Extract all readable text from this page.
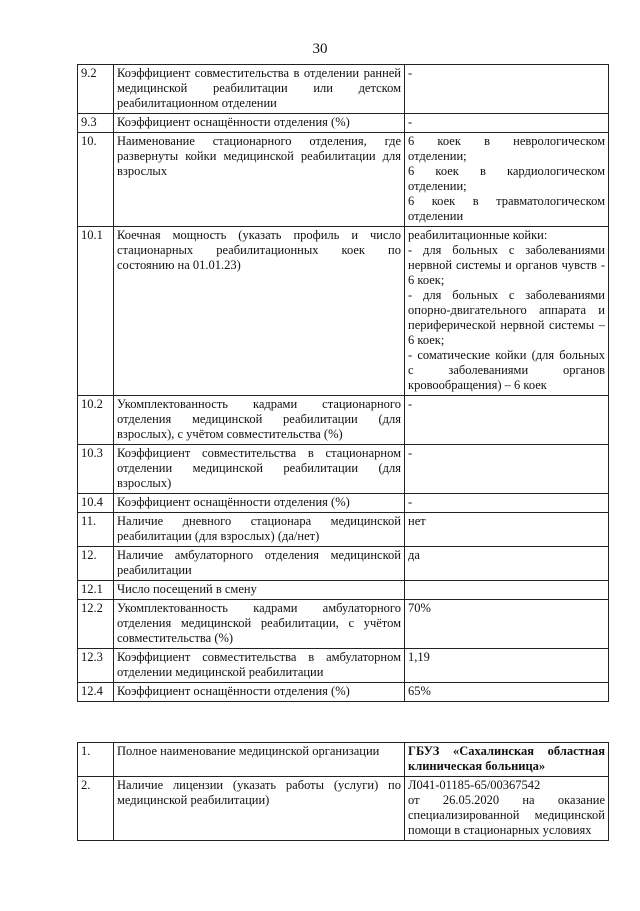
30
9.2	Коэффициент совместительства в отделении ранней медицинской реабилитации или детском реабилитационном отделении	-

9.3	Коэффициент оснащённости отделения (%)	-

10.	Наименование стационарного отделения, где развернуты койки медицинской реабилитации для взрослых	6 коек в неврологическом отделении;
6 коек в кардиологическом отделении;
6 коек в травматологическом отделении

10.1	Коечная мощность (указать профиль и число стационарных реабилитационных коек по состоянию на 01.01.23)	реабилитационные койки:
- для больных с заболеваниями нервной системы и органов чувств - 6 коек;
- для больных с заболеваниями опорно-двигательного аппарата и периферической нервной системы – 6 коек;
- соматические койки (для больных с заболеваниями органов кровообращения) – 6 коек

10.2	Укомплектованность кадрами стационарного отделения медицинской реабилитации (для взрослых), с учётом совместительства (%)	-

10.3	Коэффициент совместительства в стационарном отделении медицинской реабилитации (для взрослых)	-

10.4	Коэффициент оснащённости отделения (%)	-

11.	Наличие дневного стационара медицинской реабилитации (для взрослых) (да/нет)	нет

12.	Наличие амбулаторного отделения медицинской реабилитации	да

12.1	Число посещений в смену	

12.2	Укомплектованность кадрами амбулаторного отделения медицинской реабилитации, с учётом совместительства (%)	70%

12.3	Коэффициент совместительства в амбулаторном отделении медицинской реабилитации	1,19

12.4	Коэффициент оснащённости отделения (%)	65%
1.	Полное наименование медицинской организации	ГБУЗ «Сахалинская областная клиническая больница»

2.	Наличие лицензии (указать работы (услуги) по медицинской реабилитации)	Л041-01185-65/00367542
от 26.05.2020 на оказание специализированной медицинской помощи в стационарных условиях
